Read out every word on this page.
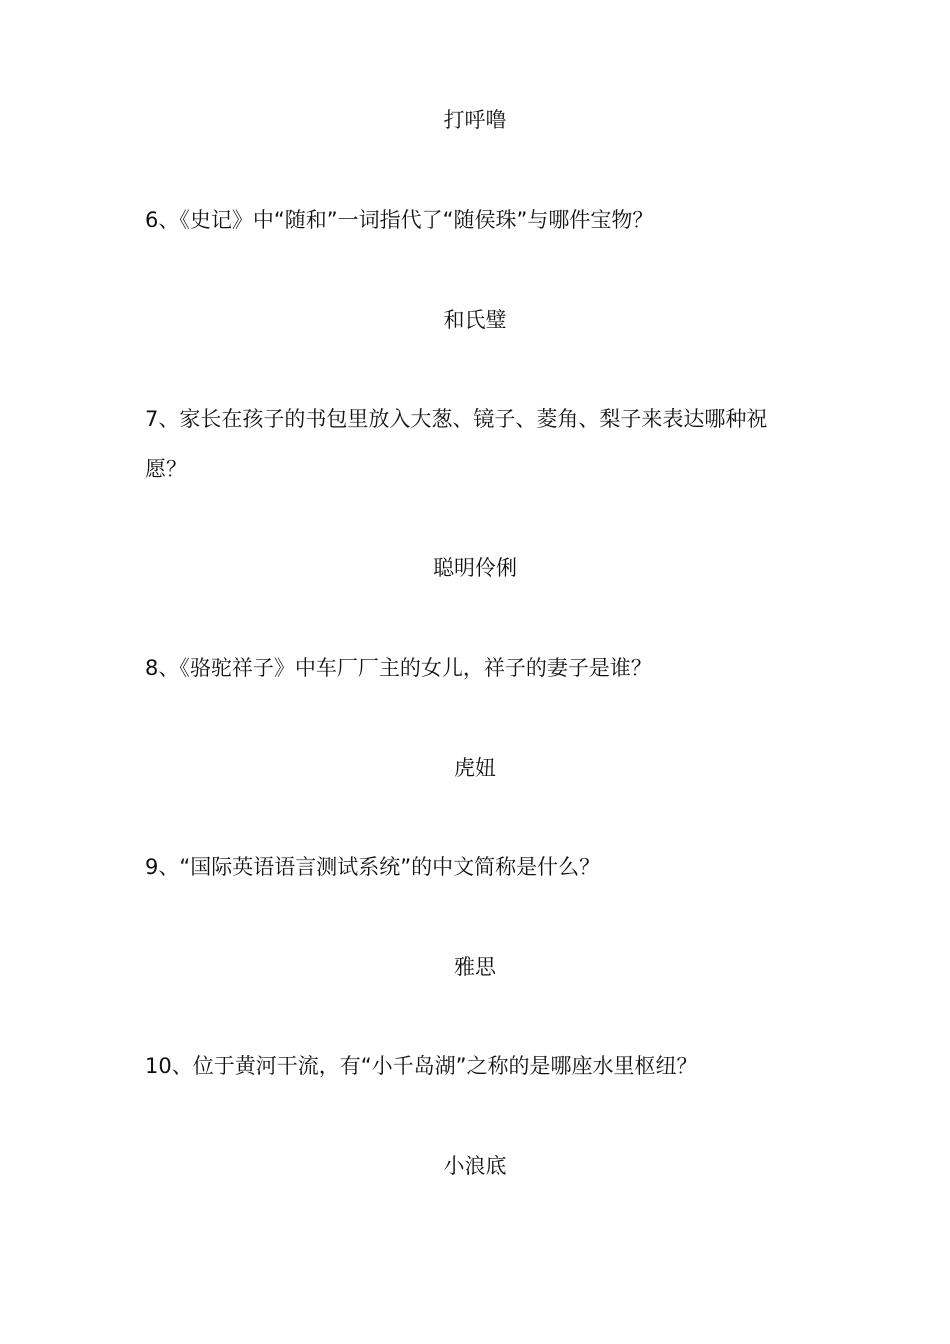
打呼噜
6、《史记》中“随和”一词指代了“随侯珠”与哪件宝物？
和氏璧
7、家长在孩子的书包里放入大葱、镜子、菱角、梨子来表达哪种祝
愿？
聪明伶俐
8、《骆驼祥子》中车厂厂主的女儿，祥子的妻子是谁？
虎妞
9、“国际英语语言测试系统”的中文简称是什么？
雅思
10、位于黄河干流，有“小千岛湖”之称的是哪座水里枢纽？
小浪底
